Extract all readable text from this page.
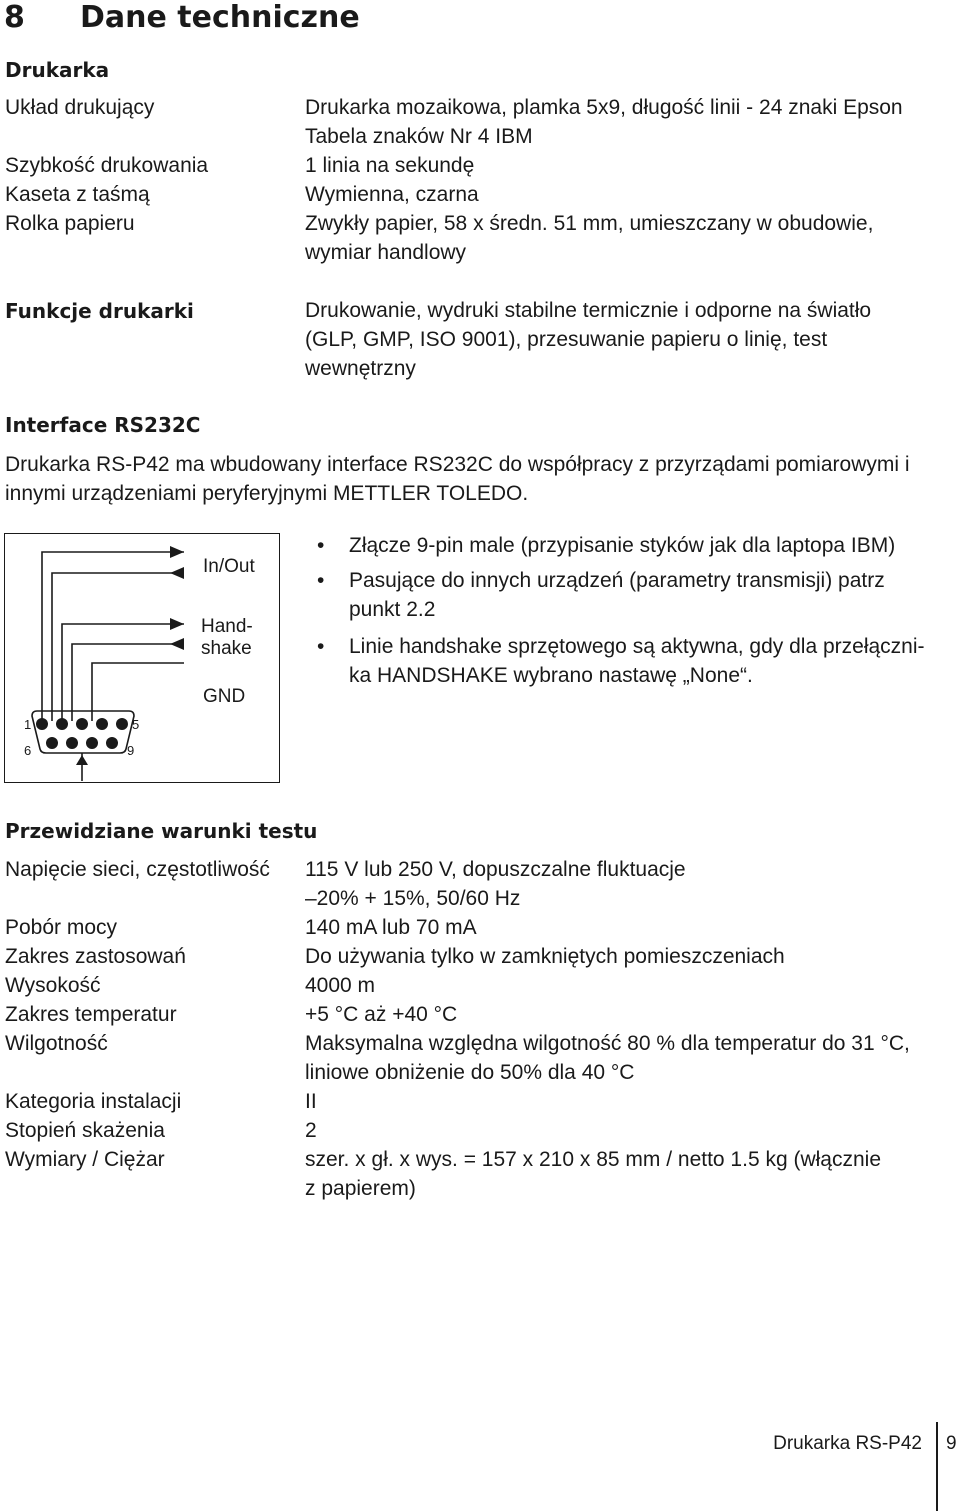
8 Dane techniczne
Drukarka
Układ drukujący	Drukarka mozaikowa, plamka 5x9, długość linii - 24 znaki Epson
Tabela znaków Nr 4 IBM
Szybkość drukowania	1 linia na sekundę
Kaseta z taśmą	Wymienna, czarna
Rolka papieru	Zwykły papier, 58 x średn. 51 mm, umieszczany w obudowie,
wymiar handlowy
Funkcje drukarki	Drukowanie, wydruki stabilne termicznie i odporne na światło
(GLP, GMP, ISO 9001), przesuwanie papieru o linię, test
wewnętrzny
Interface RS232C
Drukarka RS-P42 ma wbudowany interface RS232C do współpracy z przyrządami pomiarowymi i
innymi urządzeniami peryferyjnymi METTLER TOLEDO.
In/Out
Hand-
shake
GND
1	5
6	9
• Złącze 9-pin male (przypisanie styków jak dla laptopa IBM)
• Pasujące do innych urządzeń (parametry transmisji) patrz
punkt 2.2
• Linie handshake sprzętowego są aktywna, gdy dla przełączni-
ka HANDSHAKE wybrano nastawę „None“.
Przewidziane warunki testu
Napięcie sieci, częstotliwość 115 V lub 250 V, dopuszczalne fluktuacje
–20% + 15%, 50/60 Hz
Pobór mocy	140 mA lub 70 mA
Zakres zastosowań	Do używania tylko w zamkniętych pomieszczeniach
Wysokość	4000 m
Zakres temperatur	+5 °C aż +40 °C
Wilgotność	Maksymalna względna wilgotność 80 % dla temperatur do 31 °C,
liniowe obniżenie do 50% dla 40 °C
Kategoria instalacji	II
Stopień skażenia	2
Wymiary / Ciężar	szer. x gł. x wys. = 157 x 210 x 85 mm / netto 1.5 kg (włącznie
z papierem)
Drukarka RS-P42 9
